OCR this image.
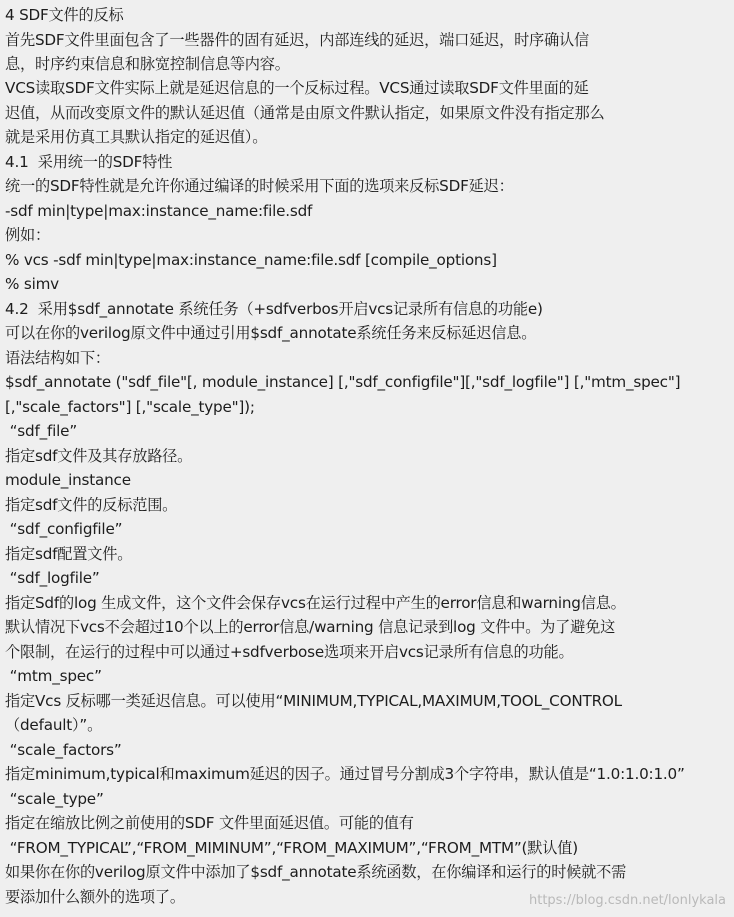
4 SDF文件的反标
首先SDF文件里面包含了一些器件的固有延迟，内部连线的延迟，端口延迟，时序确认信
息，时序约束信息和脉宽控制信息等内容。
VCS读取SDF文件实际上就是延迟信息的一个反标过程。VCS通过读取SDF文件里面的延
迟值，从而改变原文件的默认延迟值（通常是由原文件默认指定，如果原文件没有指定那么
就是采用仿真工具默认指定的延迟值）。
4.1  采用统一的SDF特性
统一的SDF特性就是允许你通过编译的时候采用下面的选项来反标SDF延迟：
-sdf min|type|max:instance_name:file.sdf
例如：
% vcs -sdf min|type|max:instance_name:file.sdf [compile_options]
% simv
4.2  采用$sdf_annotate 系统任务（+sdfverbos开启vcs记录所有信息的功能e)
可以在你的verilog原文件中通过引用$sdf_annotate系统任务来反标延迟信息。
语法结构如下：
$sdf_annotate ("sdf_file"[, module_instance] [,"sdf_configfile"][,"sdf_logfile"] [,"mtm_spec"]
[,"scale_factors"] [,"scale_type"]);
“sdf_file”
指定sdf文件及其存放路径。
module_instance
指定sdf文件的反标范围。
“sdf_configfile”
指定sdf配置文件。
“sdf_logfile”
指定Sdf的log 生成文件，这个文件会保存vcs在运行过程中产生的error信息和warning信息。
默认情况下vcs不会超过10个以上的error信息/warning 信息记录到log 文件中。为了避免这
个限制，在运行的过程中可以通过+sdfverbose选项来开启vcs记录所有信息的功能。
“mtm_spec”
指定Vcs 反标哪一类延迟信息。可以使用“MINIMUM,TYPICAL,MAXIMUM,TOOL_CONTROL
（default）”。
“scale_factors”
指定minimum,typical和maximum延迟的因子。通过冒号分割成3个字符串，默认值是“1.0:1.0:1.0”
“scale_type”
指定在缩放比例之前使用的SDF 文件里面延迟值。可能的值有
“FROM_TYPICAL”,“FROM_MIMINUM”,“FROM_MAXIMUM”,“FROM_MTM”(默认值)
如果你在你的verilog原文件中添加了$sdf_annotate系统函数，在你编译和运行的时候就不需
要添加什么额外的选项了。	https://blog.csdn.net/lonlykala
